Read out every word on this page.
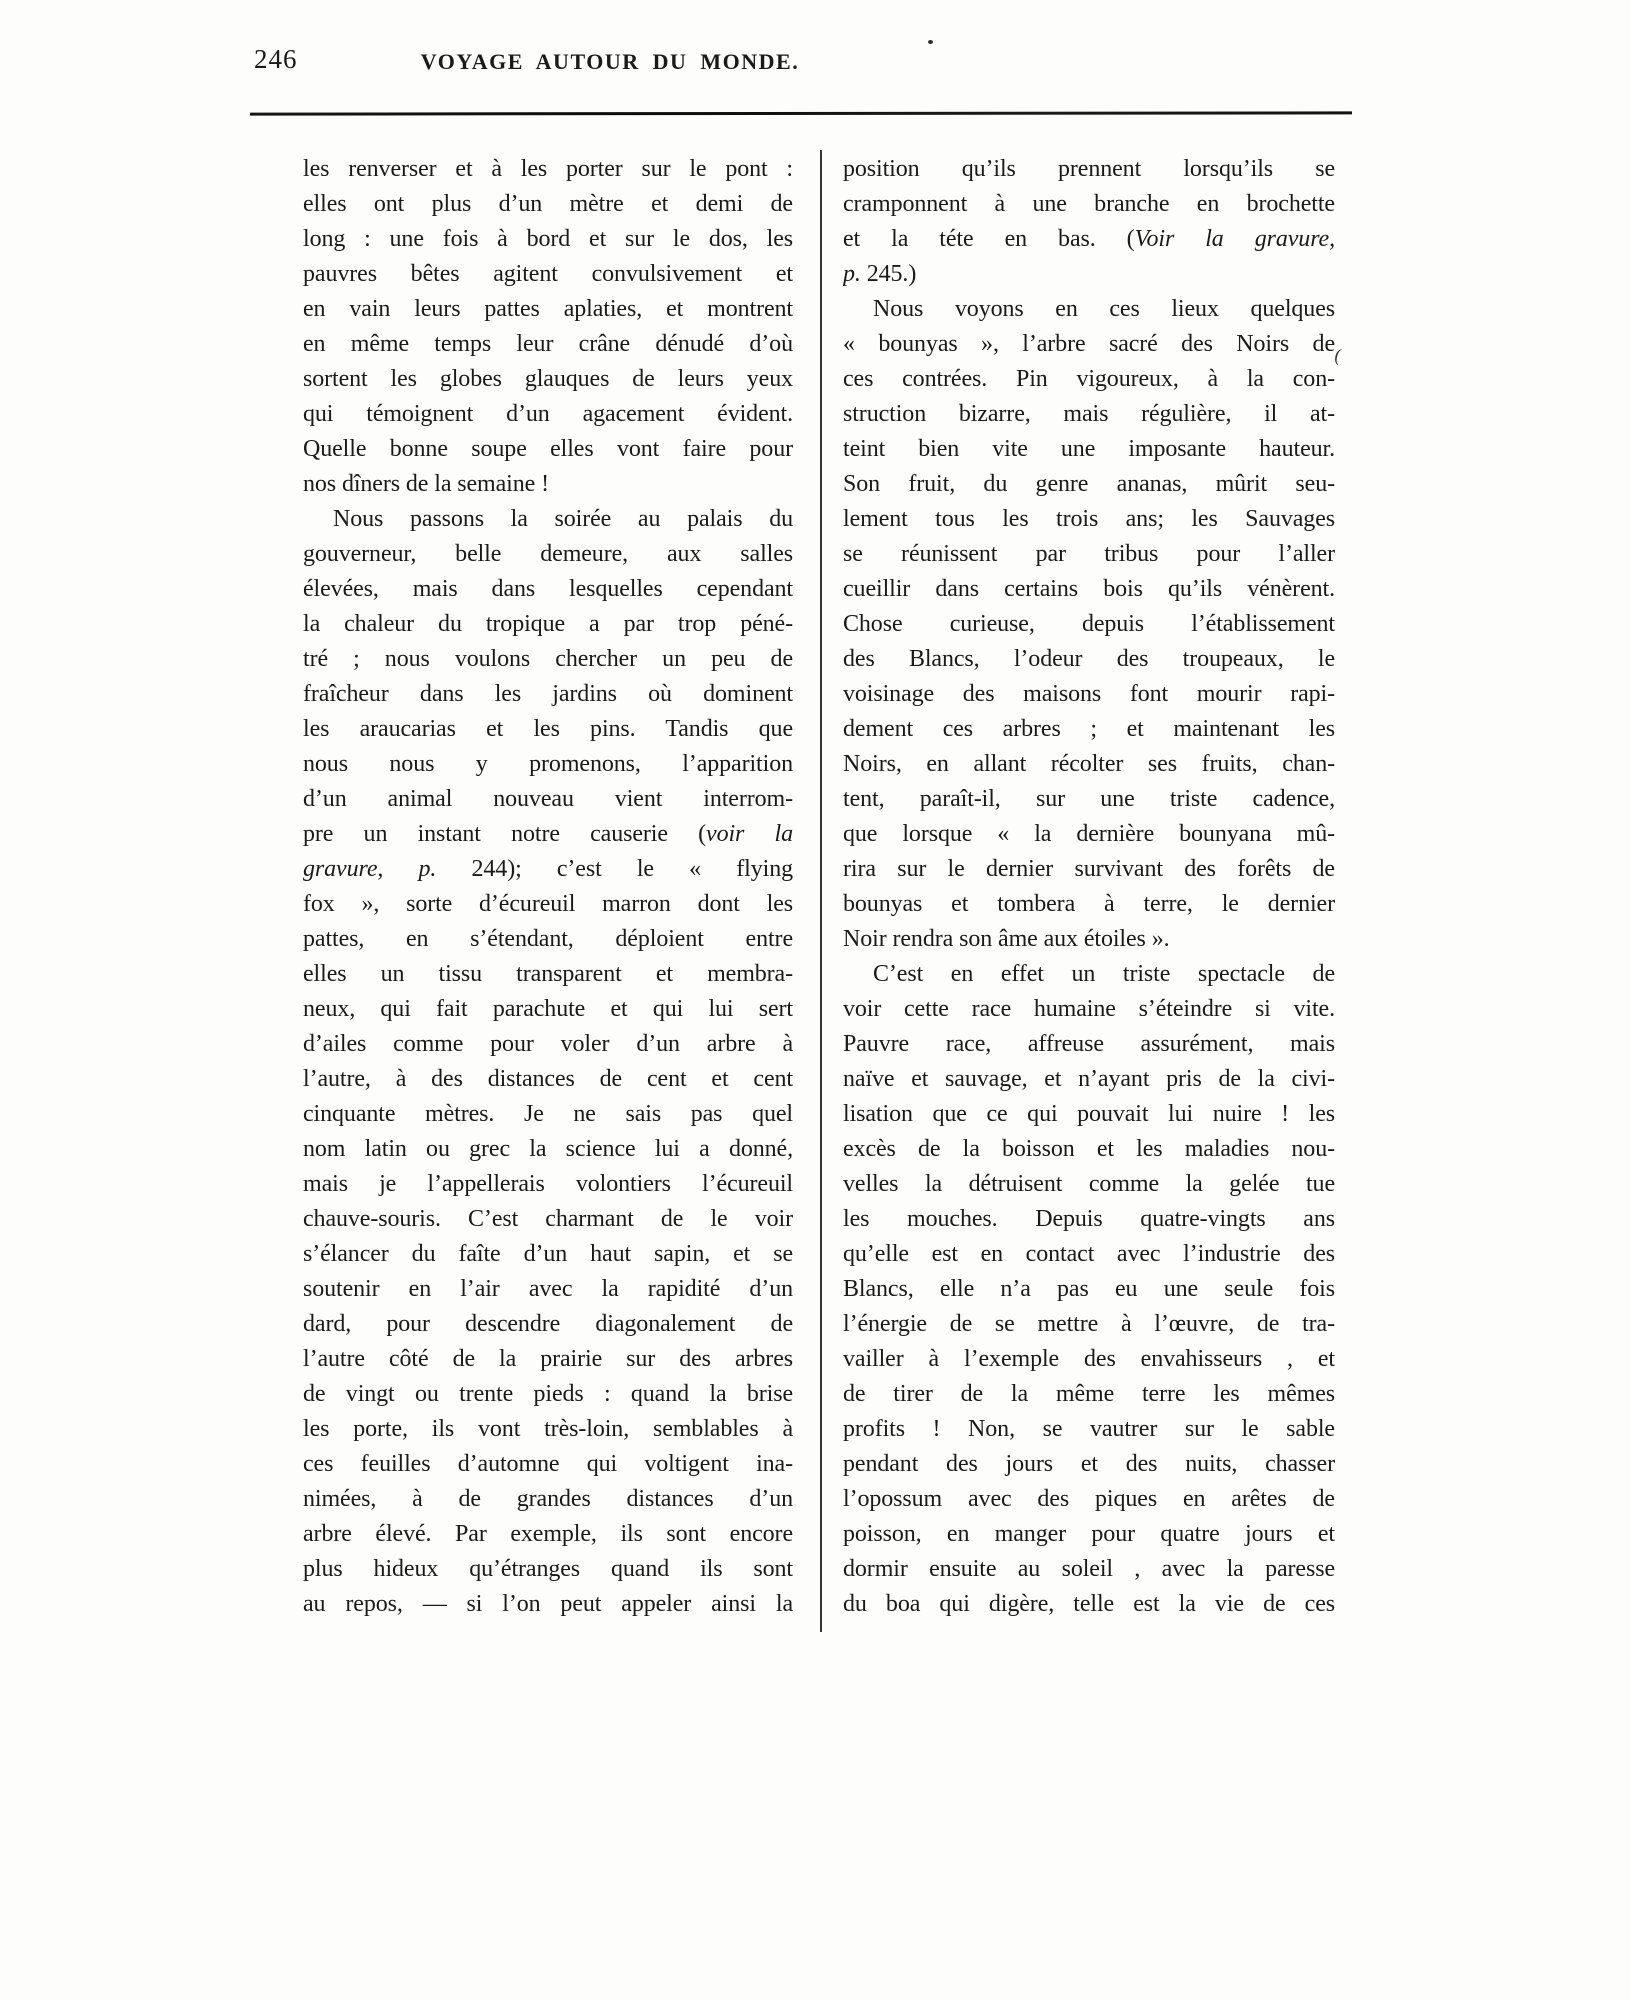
246	VOYAGE AUTOUR DU MONDE.
les renverser et à les porter sur le pont :
elles ont plus d’un mètre et demi de
long : une fois à bord et sur le dos, les
pauvres bêtes agitent convulsivement et
en vain leurs pattes aplaties, et montrent
en même temps leur crâne dénudé d’où
sortent les globes glauques de leurs yeux
qui témoignent d’un agacement évident.
Quelle bonne soupe elles vont faire pour
nos dîners de la semaine !
Nous passons la soirée au palais du
gouverneur, belle demeure, aux salles
élevées, mais dans lesquelles cependant
la chaleur du tropique a par trop péné-
tré ; nous voulons chercher un peu de
fraîcheur dans les jardins où dominent
les araucarias et les pins. Tandis que
nous nous y promenons, l’apparition
d’un animal nouveau vient interrom-
pre un instant notre causerie (voir la
gravure, p. 244); c’est le « flying
fox », sorte d’écureuil marron dont les
pattes, en s’étendant, déploient entre
elles un tissu transparent et membra-
neux, qui fait parachute et qui lui sert
d’ailes comme pour voler d’un arbre à
l’autre, à des distances de cent et cent
cinquante mètres. Je ne sais pas quel
nom latin ou grec la science lui a donné,
mais je l’appellerais volontiers l’écureuil
chauve-souris. C’est charmant de le voir
s’élancer du faîte d’un haut sapin, et se
soutenir en l’air avec la rapidité d’un
dard, pour descendre diagonalement de
l’autre côté de la prairie sur des arbres
de vingt ou trente pieds : quand la brise
les porte, ils vont très-loin, semblables à
ces feuilles d’automne qui voltigent ina-
nimées, à de grandes distances d’un
arbre élevé. Par exemple, ils sont encore
plus hideux qu’étranges quand ils sont
au repos, — si l’on peut appeler ainsi la
position qu’ils prennent lorsqu’ils se
cramponnent à une branche en brochette
et la téte en bas. (Voir la gravure,
p. 245.)
Nous voyons en ces lieux quelques
« bounyas », l’arbre sacré des Noirs de
ces contrées. Pin vigoureux, à la con-
struction bizarre, mais régulière, il at-
teint bien vite une imposante hauteur.
Son fruit, du genre ananas, mûrit seu-
lement tous les trois ans; les Sauvages
se réunissent par tribus pour l’aller
cueillir dans certains bois qu’ils vénèrent.
Chose curieuse, depuis l’établissement
des Blancs, l’odeur des troupeaux, le
voisinage des maisons font mourir rapi-
dement ces arbres ; et maintenant les
Noirs, en allant récolter ses fruits, chan-
tent, paraît-il, sur une triste cadence,
que lorsque « la dernière bounyana mû-
rira sur le dernier survivant des forêts de
bounyas et tombera à terre, le dernier
Noir rendra son âme aux étoiles ».
C’est en effet un triste spectacle de
voir cette race humaine s’éteindre si vite.
Pauvre race, affreuse assurément, mais
naïve et sauvage, et n’ayant pris de la civi-
lisation que ce qui pouvait lui nuire ! les
excès de la boisson et les maladies nou-
velles la détruisent comme la gelée tue
les mouches. Depuis quatre-vingts ans
qu’elle est en contact avec l’industrie des
Blancs, elle n’a pas eu une seule fois
l’énergie de se mettre à l’œuvre, de tra-
vailler à l’exemple des envahisseurs , et
de tirer de la même terre les mêmes
profits ! Non, se vautrer sur le sable
pendant des jours et des nuits, chasser
l’opossum avec des piques en arêtes de
poisson, en manger pour quatre jours et
dormir ensuite au soleil , avec la paresse
du boa qui digère, telle est la vie de ces
(
